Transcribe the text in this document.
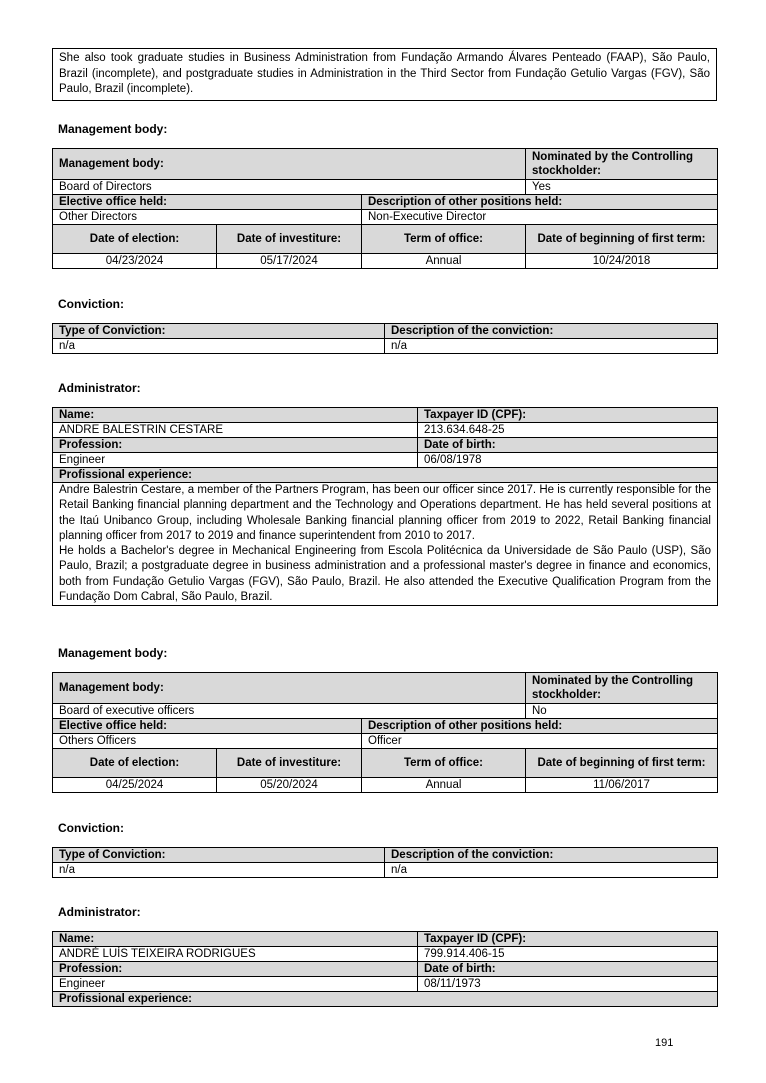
She also took graduate studies in Business Administration from Fundação Armando Álvares Penteado (FAAP), São Paulo, Brazil (incomplete), and postgraduate studies in Administration in the Third Sector from Fundação Getulio Vargas (FGV), São Paulo, Brazil (incomplete).
Management body:
Management body:			Nominated by the Controlling stockholder:
Board of Directors			Yes
Elective office held:		Description of other positions held:	
Other Directors		Non-Executive Director	
Date of election:	Date of investiture:	Term of office:	Date of beginning of first term:
04/23/2024	05/17/2024	Annual	10/24/2018
Conviction:
Type of Conviction:	Description of the conviction:
n/a	n/a
Administrator:
Name:	Taxpayer ID (CPF):
ANDRE BALESTRIN CESTARE	213.634.648-25
Profession:	Date of birth:
Engineer	06/08/1978
Profissional experience:	

Andre Balestrin Cestare, a member of the Partners Program, has been our officer since 2017. He is currently responsible for the Retail Banking financial planning department and the Technology and Operations department. He has held several positions at the Itaú Unibanco Group, including Wholesale Banking financial planning officer from 2019 to 2022, Retail Banking financial planning officer from 2017 to 2019 and finance superintendent from 2010 to 2017.
He holds a Bachelor's degree in Mechanical Engineering from Escola Politécnica da Universidade de São Paulo (USP), São Paulo, Brazil; a postgraduate degree in business administration and a professional master's degree in finance and economics, both from Fundação Getulio Vargas (FGV), São Paulo, Brazil. He also attended the Executive Qualification Program from the Fundação Dom Cabral, São Paulo, Brazil.	
Management body:
Management body:			Nominated by the Controlling stockholder:
Board of executive officers			No
Elective office held:		Description of other positions held:	
Others Officers		Officer	
Date of election:	Date of investiture:	Term of office:	Date of beginning of first term:
04/25/2024	05/20/2024	Annual	11/06/2017
Conviction:
Type of Conviction:	Description of the conviction:
n/a	n/a
Administrator:
Name:	Taxpayer ID (CPF):
ANDRÉ LUÍS TEIXEIRA RODRIGUES	799.914.406-15
Profession:	Date of birth:
Engineer	08/11/1973
Profissional experience:	
191
